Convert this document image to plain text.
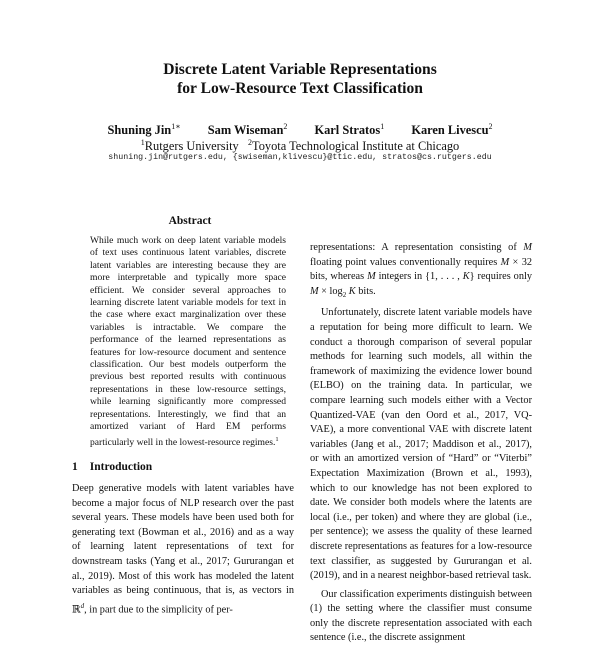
Discrete Latent Variable Representations
for Low-Resource Text Classification
Shuning Jin$^{1∗}$ Sam Wiseman$^2$ Karl Stratos$^1$ Karen Livescu$^2$
$^1$Rutgers University $^2$Toyota Technological Institute at Chicago
shuning.jin@rutgers.edu, {swiseman,klivescu}@ttic.edu, stratos@cs.rutgers.edu
Abstract
While much work on deep latent variable models of text uses continuous latent variables, discrete latent variables are interesting because they are more interpretable and typically more space efficient. We consider several approaches to learning discrete latent variable models for text in the case where exact marginalization over these variables is intractable. We compare the performance of the learned representations as features for low-resource document and sentence classification. Our best models outperform the previous best reported results with continuous representations in these low-resource settings, while learning significantly more compressed representations. Interestingly, we find that an amortized variant of Hard EM performs particularly well in the lowest-resource regimes.$^1$
1 Introduction
Deep generative models with latent variables have become a major focus of NLP research over the past several years. These models have been used both for generating text (Bowman et al., 2016) and as a way of learning latent representations of text for downstream tasks (Yang et al., 2017; Gururangan et al., 2019). Most of this work has modeled the latent variables as being continuous, that is, as vectors in ℝ$^d$, in part due to the simplicity of per-

representations: A representation consisting of M floating point values conventionally requires M × 32 bits, whereas M integers in {1, . . . , K} requires only $M \times \log_2 K$ bits.

Unfortunately, discrete latent variable models have a reputation for being more difficult to learn. We conduct a thorough comparison of several popular methods for learning such models, all within the framework of maximizing the evidence lower bound (ELBO) on the training data. In particular, we compare learning such models either with a Vector Quantized-VAE (van den Oord et al., 2017, VQ-VAE), a more conventional VAE with discrete latent variables (Jang et al., 2017; Maddison et al., 2017), or with an amortized version of “Hard” or “Viterbi” Expectation Maximization (Brown et al., 1993), which to our knowledge has not been explored to date. We consider both models where the latents are local (i.e., per token) and where they are global (i.e., per sentence); we assess the quality of these learned discrete representations as features for a low-resource text classifier, as suggested by Gururangan et al. (2019), and in a nearest neighbor-based retrieval task.

Our classification experiments distinguish between (1) the setting where the classifier must consume only the discrete representation associated with each sentence (i.e., the discrete assignment
